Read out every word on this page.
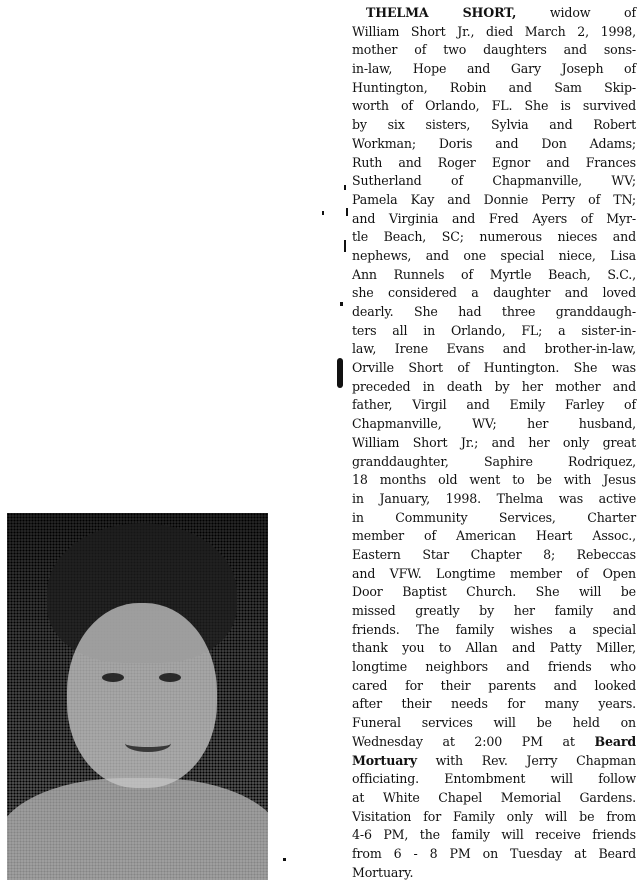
THELMA SHORT, widow of
William Short Jr., died March 2, 1998,
mother of two daughters and sons-
in-law, Hope and Gary Joseph of
Huntington, Robin and Sam Skip-
worth of Orlando, FL. She is survived
by six sisters, Sylvia and Robert
Workman; Doris and Don Adams;
Ruth and Roger Egnor and Frances
Sutherland of Chapmanville, WV;
Pamela Kay and Donnie Perry of TN;
and Virginia and Fred Ayers of Myr-
tle Beach, SC; numerous nieces and
nephews, and one special niece, Lisa
Ann Runnels of Myrtle Beach, S.C.,
she considered a daughter and loved
dearly. She had three granddaugh-
ters all in Orlando, FL; a sister-in-
law, Irene Evans and brother-in-law,
Orville Short of Huntington. She was
preceded in death by her mother and
father, Virgil and Emily Farley of
Chapmanville, WV; her husband,
William Short Jr.; and her only great
granddaughter, Saphire Rodriquez,
18 months old went to be with Jesus
in January, 1998. Thelma was active
in Community Services, Charter
member of American Heart Assoc.,
Eastern Star Chapter 8; Rebeccas
and VFW. Longtime member of Open
Door Baptist Church. She will be
missed greatly by her family and
friends. The family wishes a special
thank you to Allan and Patty Miller,
longtime neighbors and friends who
cared for their parents and looked
after their needs for many years.
Funeral services will be held on
Wednesday at 2:00 PM at Beard
Mortuary with Rev. Jerry Chapman
officiating. Entombment will follow
at White Chapel Memorial Gardens.
Visitation for Family only will be from
4-6 PM, the family will receive friends
from 6 - 8 PM on Tuesday at Beard
Mortuary.
